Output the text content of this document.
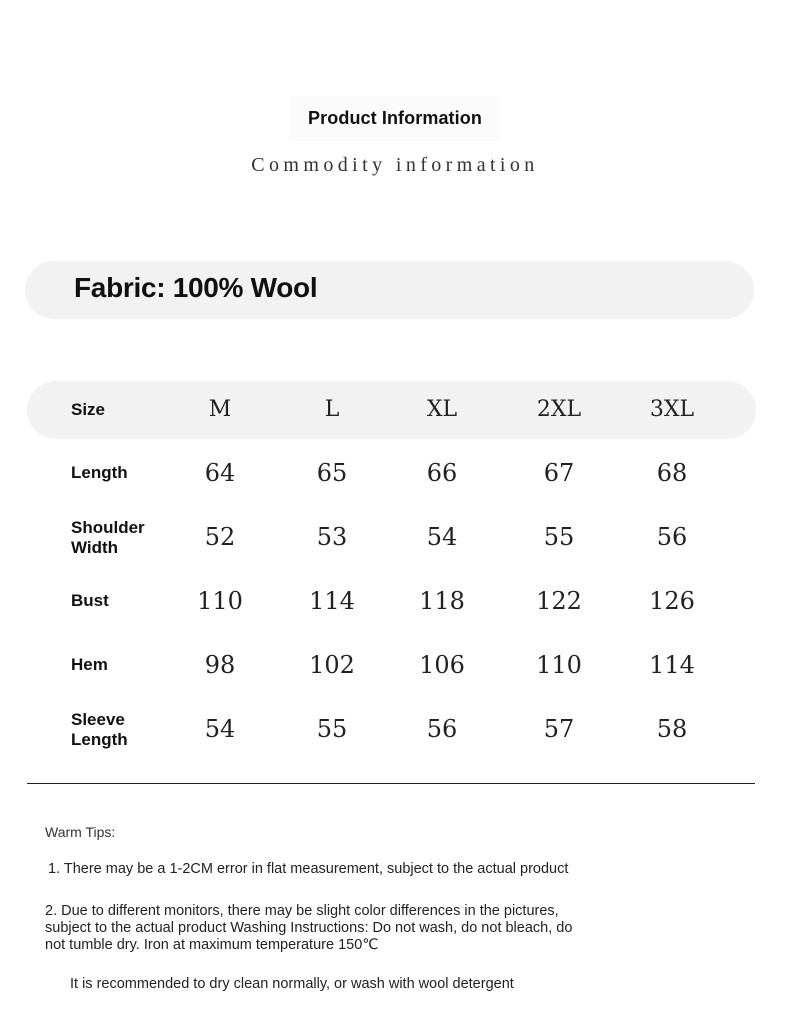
Product Information
Commodity information
Fabric: 100% Wool
Size	M	L	XL	2XL	3XL
Length	64	65	66	67	68
Shoulder
Width	52	53	54	55	56
Bust	110	114	118	122	126
Hem	98	102	106	110	114
Sleeve
Length	54	55	56	57	58
Warm Tips:
1. There may be a 1-2CM error in flat measurement, subject to the actual product
2. Due to different monitors, there may be slight color differences in the pictures, subject to the actual product Washing Instructions: Do not wash, do not bleach, do not tumble dry. Iron at maximum temperature 150℃
It is recommended to dry clean normally, or wash with wool detergent
